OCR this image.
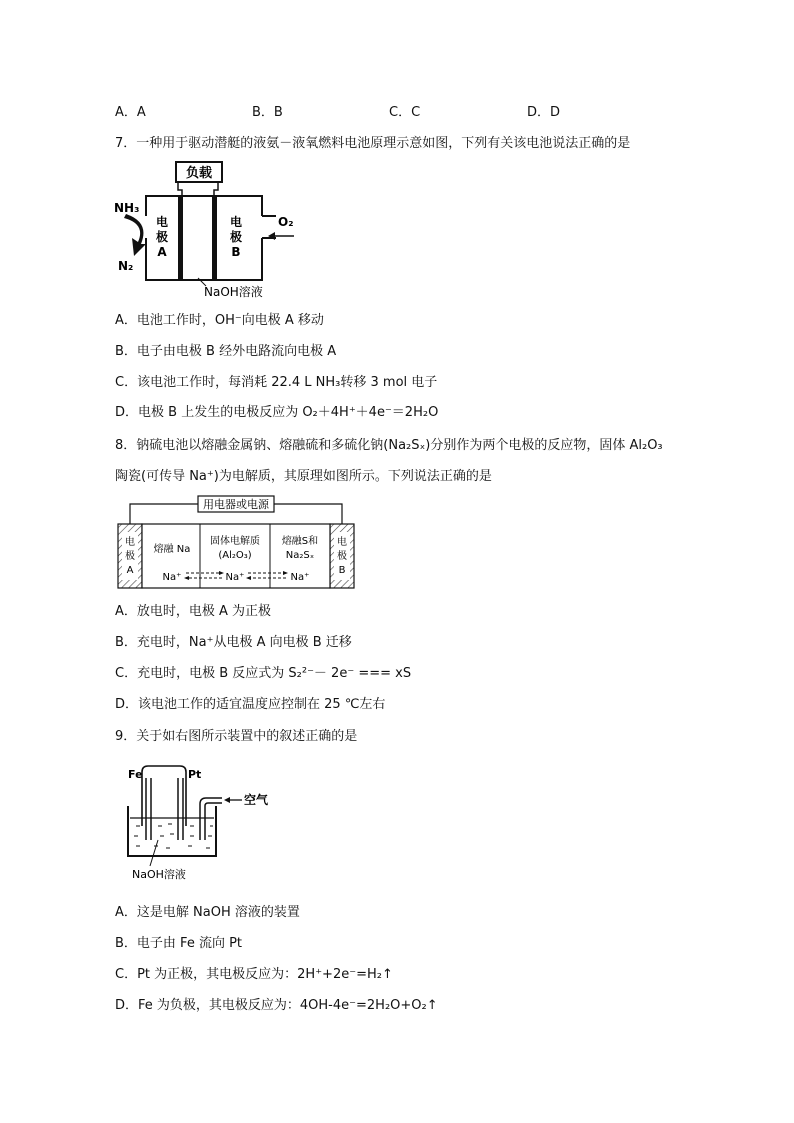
A．A	B．B	C．C	D．D
7．一种用于驱动潜艇的液氨－液氧燃料电池原理示意如图，下列有关该电池说法正确的是
负载
电
极
A
电
极
B
NH₃
N₂
O₂
NaOH溶液
A．电池工作时，OH⁻向电极 A 移动
B．电子由电极 B 经外电路流向电极 A
C．该电池工作时，每消耗 22.4 L NH₃转移 3 mol 电子
D．电极 B 上发生的电极反应为 O₂＋4H⁺＋4e⁻＝2H₂O
8．钠硫电池以熔融金属钠、熔融硫和多硫化钠(Na₂Sₓ)分别作为两个电极的反应物，固体 Al₂O₃
陶瓷(可传导 Na⁺)为电解质，其原理如图所示。下列说法正确的是
用电器或电源
电
极
A
电
极
B
熔融 Na
固体电解质
(Al₂O₃)
熔融S和
Na₂Sₓ
Na⁺	Na⁺	Na⁺
A．放电时，电极 A 为正极
B．充电时，Na⁺从电极 A 向电极 B 迁移
C．充电时，电极 B 反应式为 S₂²⁻－ 2e⁻ === xS
D．该电池工作的适宜温度应控制在 25 ℃左右
9．关于如右图所示装置中的叙述正确的是
Fe	Pt
空气
NaOH溶液
A．这是电解 NaOH 溶液的装置
B．电子由 Fe 流向 Pt
C．Pt 为正极，其电极反应为：2H⁺+2e⁻=H₂↑
D．Fe 为负极，其电极反应为：4OH-4e⁻=2H₂O+O₂↑
